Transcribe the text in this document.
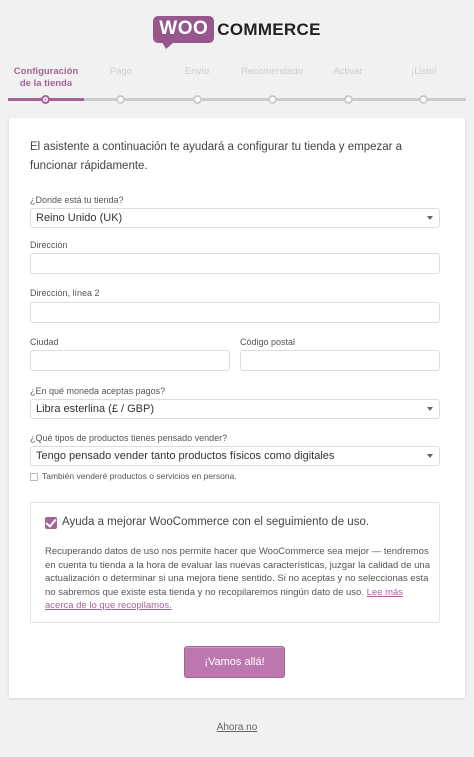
WOO COMMERCE
Configuración
de la tienda
Pago	Envío	Recomendado	Activar	¡Listo!

El asistente a continuación te ayudará a configurar tu tienda y empezar a funcionar rápidamente.

¿Donde está tu tienda?
Reino Unido (UK)
Dirección
Dirección, línea 2
Ciudad	Código postal
¿En qué moneda aceptas pagos?
Libra esterlina (£ / GBP)
¿Qué tipos de productos tienes pensado vender?
Tengo pensado vender tanto productos físicos como digitales
También venderé productos o servicios en persona.
Ayuda a mejorar WooCommerce con el seguimiento de uso.

Recuperando datos de uso nos permite hacer que WooCommerce sea mejor — tendremos en cuenta tu tienda a la hora de evaluar las nuevas características, juzgar la calidad de una actualización o determinar si una mejora tiene sentido. Si no aceptas y no seleccionas esta no sabremos que existe esta tienda y no recopilaremos ningún dato de uso. Lee más acerca de lo que recopilamos.

¡Vamos allá!
Ahora no
